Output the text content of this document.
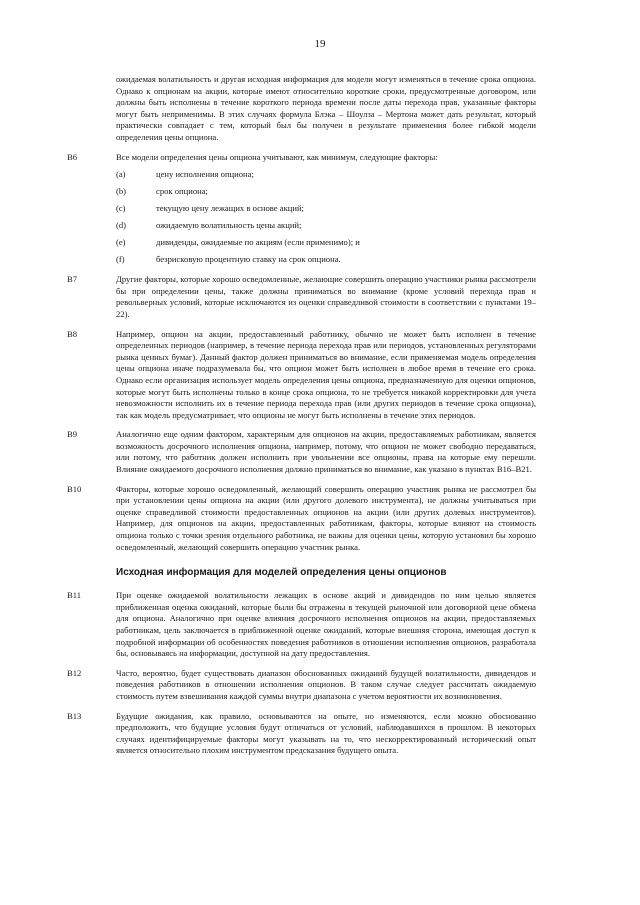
19

ожидаемая волатильность и другая исходная информация для модели могут изменяться в течение срока опциона. Однако к опционам на акции, которые имеют относительно короткие сроки, предусмотренные договором, или должны быть исполнены в течение короткого периода времени после даты перехода прав, указанные факторы могут быть неприменимы. В этих случаях формула Блэка – Шоулза – Мертона может дать результат, который практически совпадает с тем, который был бы получен в результате применения более гибкой модели определения цены опциона.

B6	Все модели определения цены опциона учитывают, как минимум, следующие факторы:
(a)	цену исполнения опциона;
(b)	срок опциона;
(c)	текущую цену лежащих в основе акций;
(d)	ожидаемую волатильность цены акций;
(e)	дивиденды, ожидаемые по акциям (если применимо); и
(f)	безрисковую процентную ставку на срок опциона.

B7	Другие факторы, которые хорошо осведомленные, желающие совершить операцию участники рынка рассмотрели бы при определении цены, также должны приниматься во внимание (кроме условий перехода прав и револьверных условий, которые исключаются из оценки справедливой стоимости в соответствии с пунктами 19–22).

B8	Например, опцион на акции, предоставленный работнику, обычно не может быть исполнен в течение определенных периодов (например, в течение периода перехода прав или периодов, установленных регуляторами рынка ценных бумаг). Данный фактор должен приниматься во внимание, если применяемая модель определения цены опциона иначе подразумевала бы, что опцион может быть исполнен в любое время в течение его срока. Однако если организация использует модель определения цены опциона, предназначенную для оценки опционов, которые могут быть исполнены только в конце срока опциона, то не требуется никакой корректировки для учета невозможности исполнить их в течение периода перехода прав (или других периодов в течение срока опциона), так как модель предусматривает, что опционы не могут быть исполнены в течение этих периодов.

B9	Аналогично еще одним фактором, характерным для опционов на акции, предоставляемых работникам, является возможность досрочного исполнения опциона, например, потому, что опцион не может свободно передаваться, или потому, что работник должен исполнить при увольнении все опционы, права на которые ему перешли. Влияние ожидаемого досрочного исполнения должно приниматься во внимание, как указано в пунктах B16–B21.

B10	Факторы, которые хорошо осведомленный, желающий совершить операцию участник рынка не рассмотрел бы при установлении цены опциона на акции (или другого долевого инструмента), не должны учитываться при оценке справедливой стоимости предоставленных опционов на акции (или других долевых инструментов). Например, для опционов на акции, предоставленных работникам, факторы, которые влияют на стоимость опциона только с точки зрения отдельного работника, не важны для оценки цены, которую установил бы хорошо осведомленный, желающий совершить операцию участник рынка.

Исходная информация для моделей определения цены опционов

B11	При оценке ожидаемой волатильности лежащих в основе акций и дивидендов по ним целью является приближенная оценка ожиданий, которые были бы отражены в текущей рыночной или договорной цене обмена для опциона. Аналогично при оценке влияния досрочного исполнения опционов на акции, предоставляемых работникам, цель заключается в приближенной оценке ожиданий, которые внешняя сторона, имеющая доступ к подробной информации об особенностях поведения работников в отношении исполнения опционов, разработала бы, основываясь на информации, доступной на дату предоставления.

B12	Часто, вероятно, будет существовать диапазон обоснованных ожиданий будущей волатильности, дивидендов и поведения работников в отношении исполнения опционов. В таком случае следует рассчитать ожидаемую стоимость путем взвешивания каждой суммы внутри диапазона с учетом вероятности их возникновения.

B13	Будущие ожидания, как правило, основываются на опыте, но изменяются, если можно обоснованно предположить, что будущие условия будут отличаться от условий, наблюдавшихся в прошлом. В некоторых случаях идентифицируемые факторы могут указывать на то, что нескорректированный исторический опыт является относительно плохим инструментом предсказания будущего опыта.
